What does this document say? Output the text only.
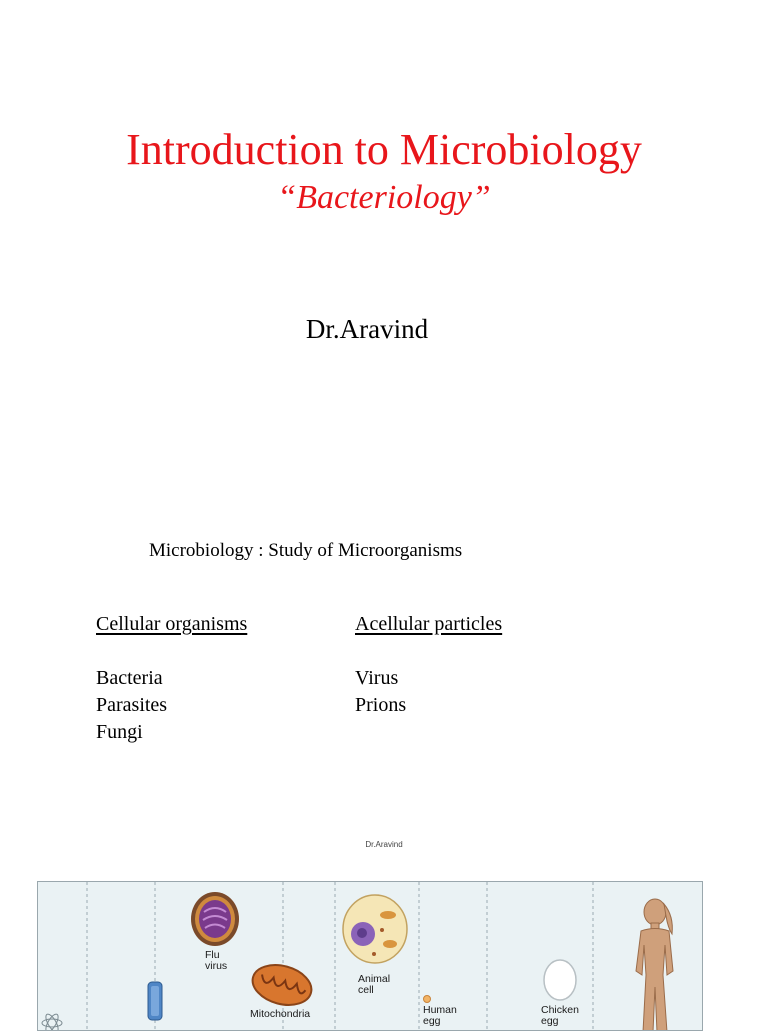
Introduction to Microbiology
“Bacteriology”
Dr.Aravind
Microbiology : Study of Microorganisms
Cellular organisms
Bacteria
Parasites
Fungi
Acellular particles
Virus
Prions
Dr.Aravind
Flu
virus
Mitochondria
Animal
cell
Human
egg
Chicken
egg
